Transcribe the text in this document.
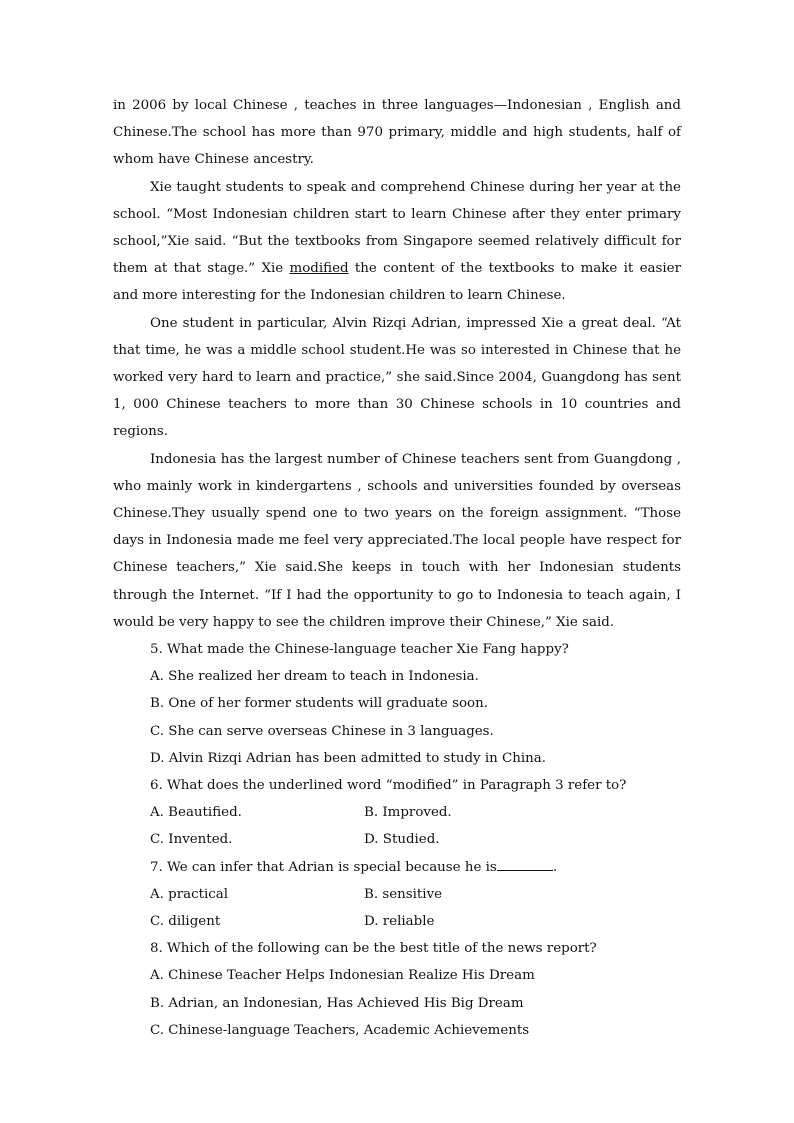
in 2006 by local Chinese , teaches in three languages—Indonesian , English and Chinese.The school has more than 970 primary, middle and high students, half of whom have Chinese ancestry.

Xie taught students to speak and comprehend Chinese during her year at the school. “Most Indonesian children start to learn Chinese after they enter primary school,”Xie said. “But the textbooks from Singapore seemed relatively difficult for them at that stage.” Xie modified the content of the textbooks to make it easier and more interesting for the Indonesian children to learn Chinese.

One student in particular, Alvin Rizqi Adrian, impressed Xie a great deal. “At that time, he was a middle school student.He was so interested in Chinese that he worked very hard to learn and practice,” she said.Since 2004, Guangdong has sent 1, 000 Chinese teachers to more than 30 Chinese schools in 10 countries and regions.

Indonesia has the largest number of Chinese teachers sent from Guangdong , who mainly work in kindergartens , schools and universities founded by overseas Chinese.They usually spend one to two years on the foreign assignment. “Those days in Indonesia made me feel very appreciated.The local people have respect for Chinese teachers,” Xie said.She keeps in touch with her Indonesian students through the Internet. “If I had the opportunity to go to Indonesia to teach again, I would be very happy to see the children improve their Chinese,” Xie said.

5. What made the Chinese-language teacher Xie Fang happy?

A. She realized her dream to teach in Indonesia.

B. One of her former students will graduate soon.

C. She can serve overseas Chinese in 3 languages.

D. Alvin Rizqi Adrian has been admitted to study in China.

6. What does the underlined word “modified” in Paragraph 3 refer to?

A. Beautified.	B. Improved.
C. Invented.	D. Studied.

7. We can infer that Adrian is special because he is	.

A. practical	B. sensitive
C. diligent	D. reliable

8. Which of the following can be the best title of the news report?

A. Chinese Teacher Helps Indonesian Realize His Dream

B. Adrian, an Indonesian, Has Achieved His Big Dream

C. Chinese-language Teachers, Academic Achievements
